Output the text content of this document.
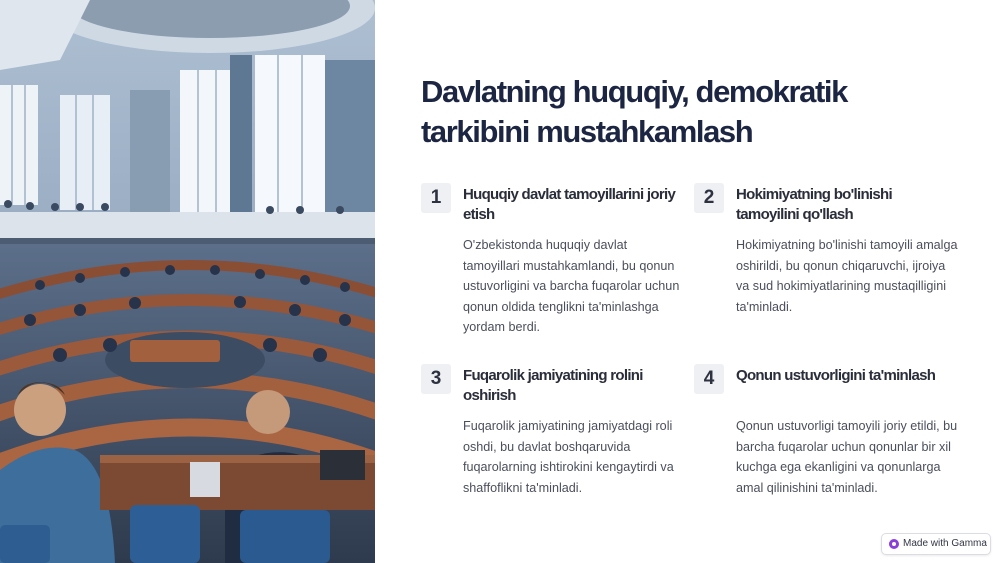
Davlatning huquqiy, demokratik tarkibini mustahkamlash
1	Huquqiy davlat tamoyillarini joriy etish
O'zbekistonda huquqiy davlat tamoyillari mustahkamlandi, bu qonun ustuvorligini va barcha fuqarolar uchun qonun oldida tenglikni ta'minlashga yordam berdi.
2	Hokimiyatning bo'linishi tamoyilini qo'llash
Hokimiyatning bo'linishi tamoyili amalga oshirildi, bu qonun chiqaruvchi, ijroiya va sud hokimiyatlarining mustaqilligini ta'minladi.
3	Fuqarolik jamiyatining rolini oshirish
Fuqarolik jamiyatining jamiyatdagi roli oshdi, bu davlat boshqaruvida fuqarolarning ishtirokini kengaytirdi va shaffoflikni ta'minladi.
4	Qonun ustuvorligini ta'minlash
Qonun ustuvorligi tamoyili joriy etildi, bu barcha fuqarolar uchun qonunlar bir xil kuchga ega ekanligini va qonunlarga amal qilinishini ta'minladi.
Made with Gamma
